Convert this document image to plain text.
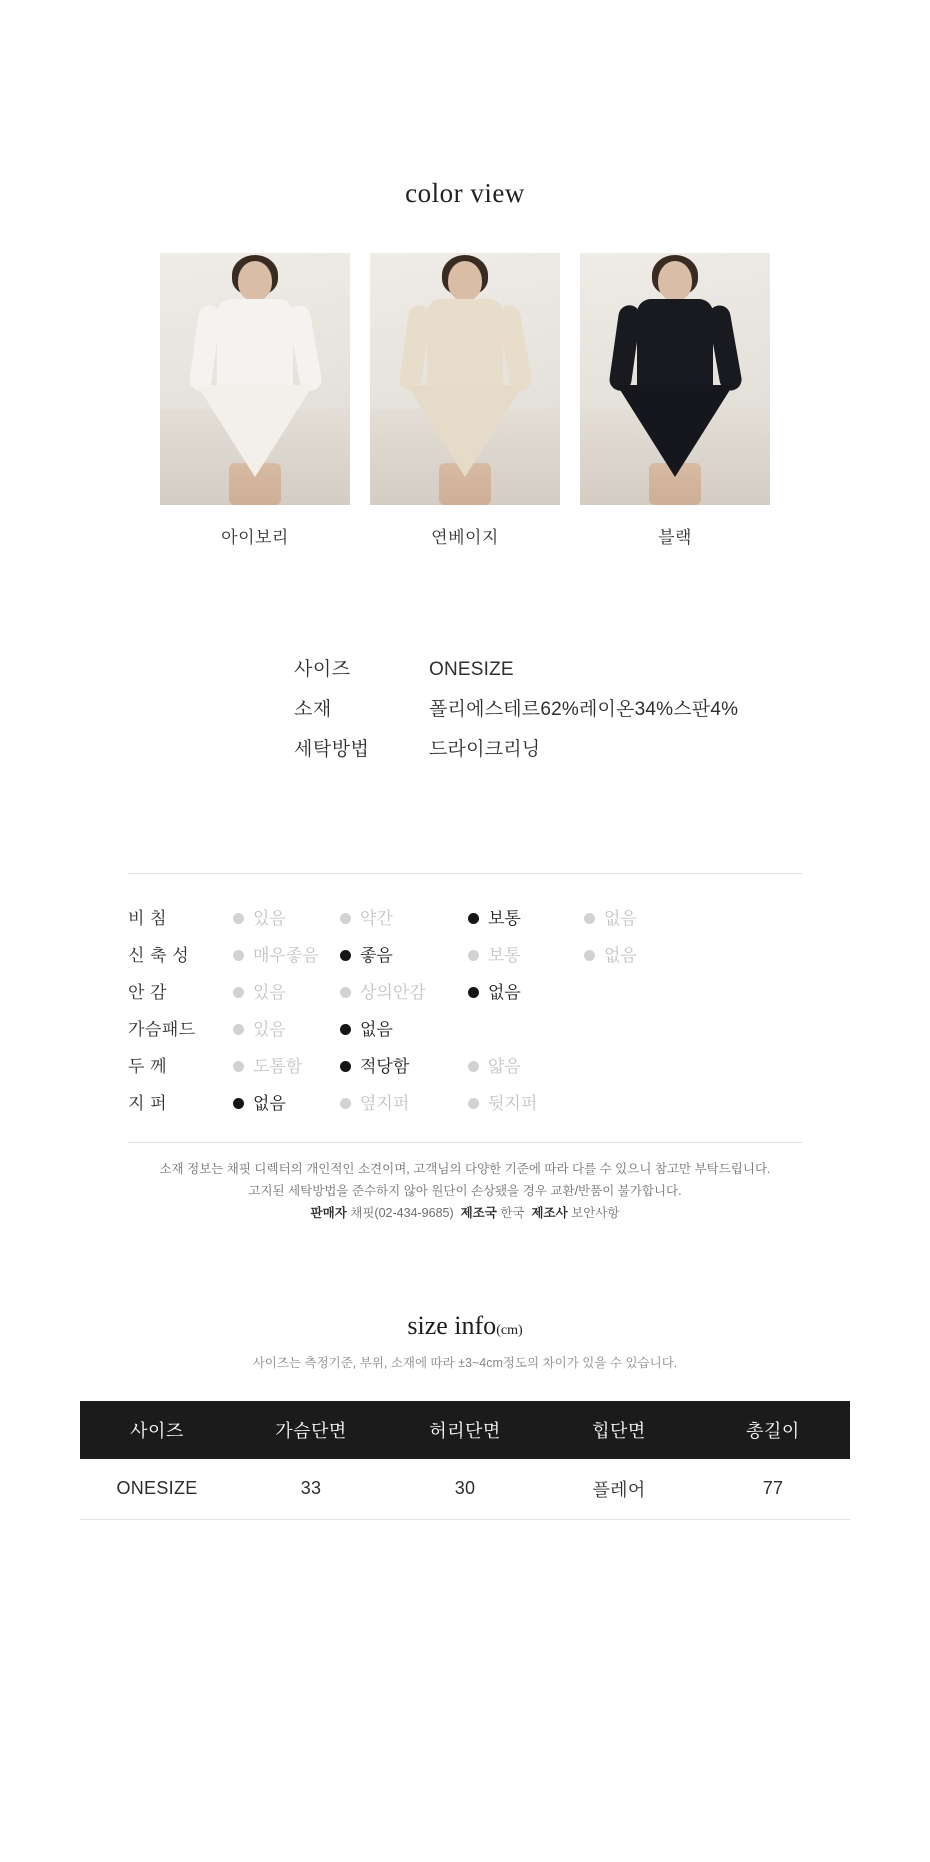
color view
아이보리	연베이지	블랙
사이즈	ONESIZE
소재	폴리에스테르62%레이온34%스판4%
세탁방법	드라이크리닝
비 침	있음	약간	보통	없음
신 축 성	매우좋음	좋음	보통	없음
안 감	있음	상의안감	없음	
가슴패드	있음	없음		
두 께	도톰함	적당함	얇음	
지 퍼	없음	옆지퍼	뒷지퍼	
소재 정보는 채핏 디렉터의 개인적인 소견이며, 고객님의 다양한 기준에 따라 다를 수 있으니 참고만 부탁드립니다.
고지된 세탁방법을 준수하지 않아 원단이 손상됐을 경우 교환/반품이 불가합니다.
판매자 채핏(02-434-9685) 제조국 한국 제조사 보안사항
size info(cm)
사이즈는 측정기준, 부위, 소재에 따라 ±3~4cm정도의 차이가 있을 수 있습니다.
사이즈	가슴단면	허리단면	힙단면	총길이
ONESIZE	33	30	플레어	77
